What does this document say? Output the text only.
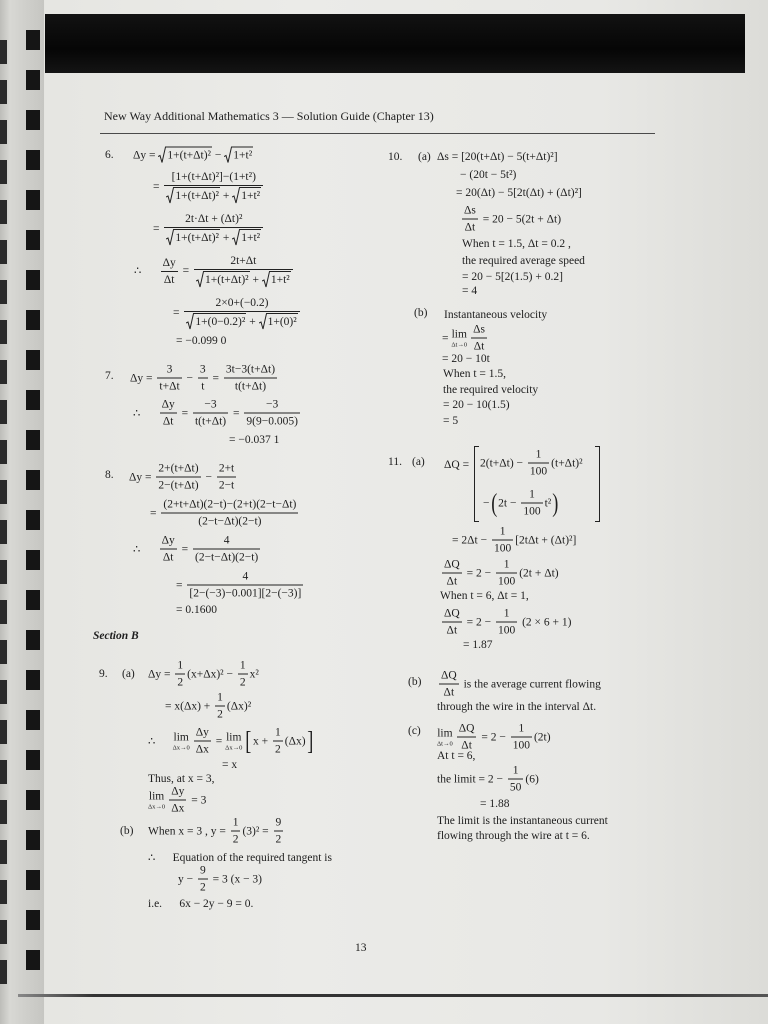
New Way Additional Mathematics 3 — Solution Guide (Chapter 13)
6. Δy = 1+(t+Δt)² − 1+t²
= $\frac{\text{[1+(t+Δt)²]−(1+t²)}}{\text{1+(t+Δt)² + 1+t²}}$
= $\frac{\text{2t·Δt + (Δt)²}}{\text{1+(t+Δt)² + 1+t²}}$
∴ $\frac{\Delta y}{\Delta t} = \frac{2t+\Delta t}{\text{1+(t+Δt)² + 1+t²}}$
= $\frac{2\times 0+(-0.2)}{\text{1+(0−0.2)² + 1+(0)²}}$
= −0.099 0
7. $\Delta y = \frac{3}{t+\Delta t} - \frac{3}{t} = \frac{3t-3(t+\Delta t)}{t(t+\Delta t)}$
∴ $\frac{\Delta y}{\Delta t} = \frac{-3}{t(t+\Delta t)} = \frac{-3}{9(9-0.005)}$
= −0.037 1
8. $\Delta y = \frac{2+(t+\Delta t)}{2-(t+\Delta t)} - \frac{2+t}{2-t}$
= $\frac{(2+t+\Delta t)(2-t)-(2+t)(2-t-\Delta t)}{(2-t-\Delta t)(2-t)}$
∴ $\frac{\Delta y}{\Delta t} = \frac{4}{(2-t-\Delta t)(2-t)}$
= $\frac{4}{[2-(-3)-0.001][2-(-3)]}$
= 0.1600
Section B
9. (a) $\Delta y = \frac{1}{2} (x+\Delta x)^2 - \frac{1}{2} x^2$
= $x(\Delta x) + \frac{1}{2} (\Delta x)^2$
∴ lim
$\Delta x\to 0 \frac{\Delta y}{\Delta x} = \lim$
Δx→0 [ $x + \frac{1}{2} (\Delta x)$ ]
= x
Thus, at x = 3,
lim
$\Delta x\to 0 \frac{\Delta y}{\Delta x} = 3$
(b) When x = 3 , $y = \frac{1}{2} (3)^2 = \frac{9}{2}$
∴ Equation of the required tangent is
$y - \frac{9}{2} = 3$ (x − 3)
i.e. 6x − 2y − 9 = 0.
10. (a) Δs = [20(t+Δt) − 5(t+Δt)²]
− (20t − 5t²)
= 20(Δt) − 5[2t(Δt) + (Δt)²]
$\frac{\Delta s}{\Delta t} = 20 - 5(2t + \Delta t)$
When t = 1.5, Δt = 0.2 ,
the required average speed
= 20 − 5[2(1.5) + 0.2]
= 4
(b) Instantaneous velocity
= lim
$\Delta t\to 0 \frac{\Delta s}{\Delta t}$
= 20 − 10t
When t = 1.5,
the required velocity
= 20 − 10(1.5)
= 5
11. (a) $\Delta Q = 2(t+\Delta t) - \frac{1}{100} (t+\Delta t)^2$
− ( $2t - \frac{1}{100} t^2$ )
= $2\Delta t - \frac{1}{100} [2t\Delta t + (\Delta t)^2]$
$\frac{\Delta Q}{\Delta t} = 2 - \frac{1}{100} (2t + \Delta t)$
When t = 6, Δt = 1,
$\frac{\Delta Q}{\Delta t} = 2 - \frac{1}{100} (2 \times 6 + 1)$
= 1.87
$(b) \frac{\Delta Q}{\Delta t}$ is the average current flowing
through the wire in the interval Δt.
(c) lim
$\Delta t\to 0 \frac{\Delta Q}{\Delta t} = 2 - \frac{1}{100} (2t)$
At t = 6,
the limit = $2 - \frac{1}{50} (6)$
= 1.88
The limit is the instantaneous current
flowing through the wire at t = 6.
13
